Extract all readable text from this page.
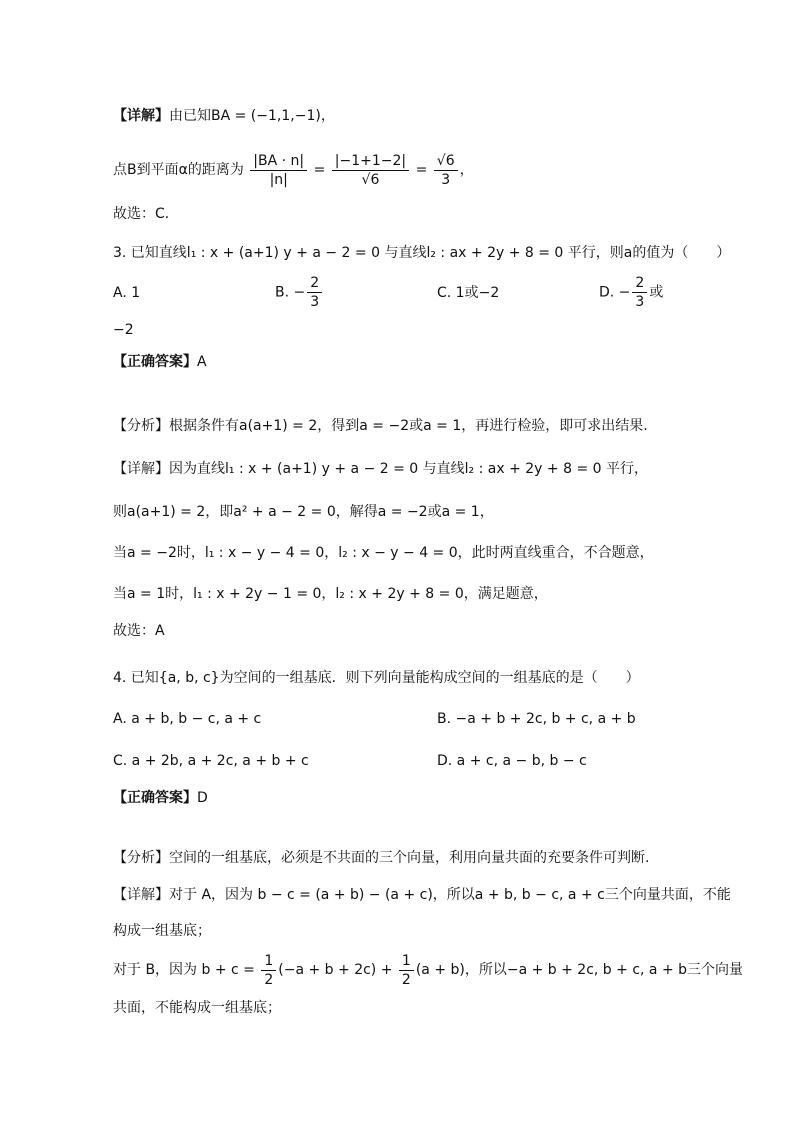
【详解】由已知BA = (−1,1,−1)，
点B到平面α的距离为 $\frac{|BA \cdot n|}{|n|} = \frac{|-1+1-2|}{√6} = \frac{√6}{3}$ ，
故选：C．
3. 已知直线l₁ : x + (a+1) y + a − 2 = 0 与直线l₂ : ax + 2y + 8 = 0 平行，则a的值为（　　）
A. 1	B. − $\frac{2}{3}$	C. 1或−2	D. − $\frac{2}{3}$ 或
−2
【正确答案】A
【分析】根据条件有a(a+1) = 2，得到a = −2或a = 1，再进行检验，即可求出结果.
【详解】因为直线l₁ : x + (a+1) y + a − 2 = 0 与直线l₂ : ax + 2y + 8 = 0 平行，
则a(a+1) = 2，即a² + a − 2 = 0，解得a = −2或a = 1，
当a = −2时，l₁ : x − y − 4 = 0，l₂ : x − y − 4 = 0，此时两直线重合，不合题意，
当a = 1时，l₁ : x + 2y − 1 = 0，l₂ : x + 2y + 8 = 0，满足题意，
故选：A
4. 已知{a, b, c}为空间的一组基底．则下列向量能构成空间的一组基底的是（　　）
A. a + b, b − c, a + c	B. −a + b + 2c, b + c, a + b
C. a + 2b, a + 2c, a + b + c	D. a + c, a − b, b − c
【正确答案】D
【分析】空间的一组基底，必须是不共面的三个向量，利用向量共面的充要条件可判断.
【详解】对于 A，因为 b − c = (a + b) − (a + c)，所以a + b, b − c, a + c三个向量共面，不能
构成一组基底；
对于 B，因为 $b + c = \frac{1}{2} (-a + b + 2c) + \frac{1}{2} (a + b)$，所以−a + b + 2c, b + c, a + b三个向量
共面，不能构成一组基底；
